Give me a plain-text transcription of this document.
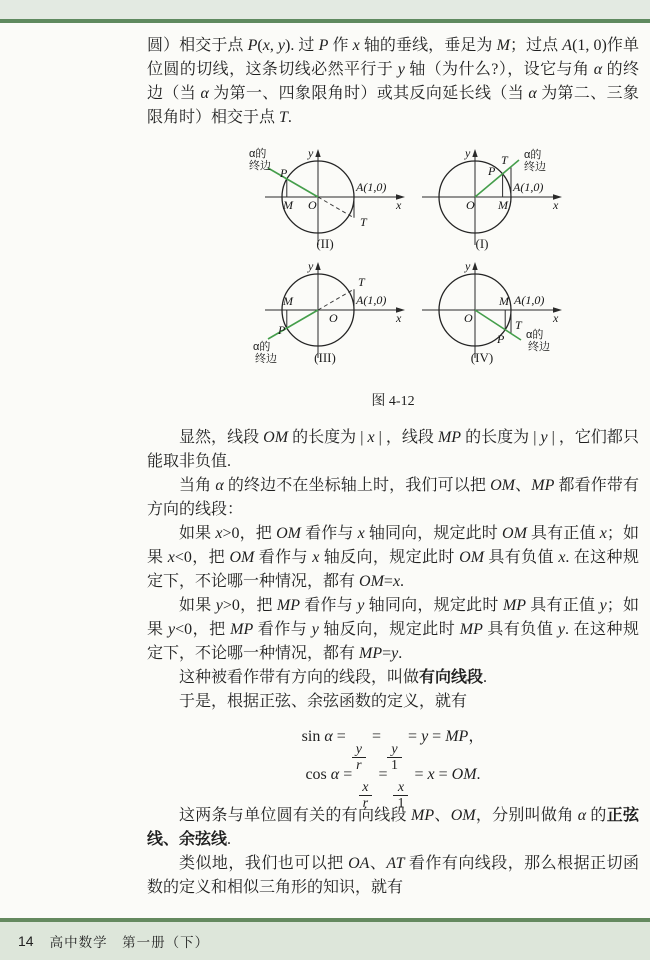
圆）相交于点 P(x, y). 过 P 作 x 轴的垂线，垂足为 M；过点 A(1, 0)作单位圆的切线，这条切线必然平行于 y 轴（为什么?），设它与角 α 的终边（当 α 为第一、四象限角时）或其反向延长线（当 α 为第二、三象限角时）相交于点 T.

O
P
M
T
A(1,0)
x
y
α的
终边
O
P
M
T
A(1,0)
x
y	α的
终边
O
P
M
T
A(1,0)
x
y
α的
终边
O
P
M
T
A(1,0)
x
y
α的
终边
(II)	(I)
(III)	(IV)
图 4-12

显然，线段 OM 的长度为 | x | ，线段 MP 的长度为 | y | ，它们都只能取非负值.

当角 α 的终边不在坐标轴上时，我们可以把 OM、MP 都看作带有方向的线段：

如果 x>0，把 OM 看作与 x 轴同向，规定此时 OM 具有正值 x；如果 x<0，把 OM 看作与 x 轴反向，规定此时 OM 具有负值 x. 在这种规定下，不论哪一种情况，都有 OM=x.

如果 y>0，把 MP 看作与 y 轴同向，规定此时 MP 具有正值 y；如果 y<0，把 MP 看作与 y 轴反向，规定此时 MP 具有负值 y. 在这种规定下，不论哪一种情况，都有 MP=y.

这种被看作带有方向的线段，叫做有向线段.

于是，根据正弦、余弦函数的定义，就有

sin α =
$\frac{y}{r}$
=
$\frac{y}{1}$
= y = MP，
cos α =
$\frac{x}{r}$
=
$\frac{x}{1}$
= x = OM.

这两条与单位圆有关的有向线段 MP、OM，分别叫做角 α 的正弦线、余弦线.

类似地，我们也可以把 OA、AT 看作有向线段，那么根据正切函数的定义和相似三角形的知识，就有

14 高中数学　第一册（下）
